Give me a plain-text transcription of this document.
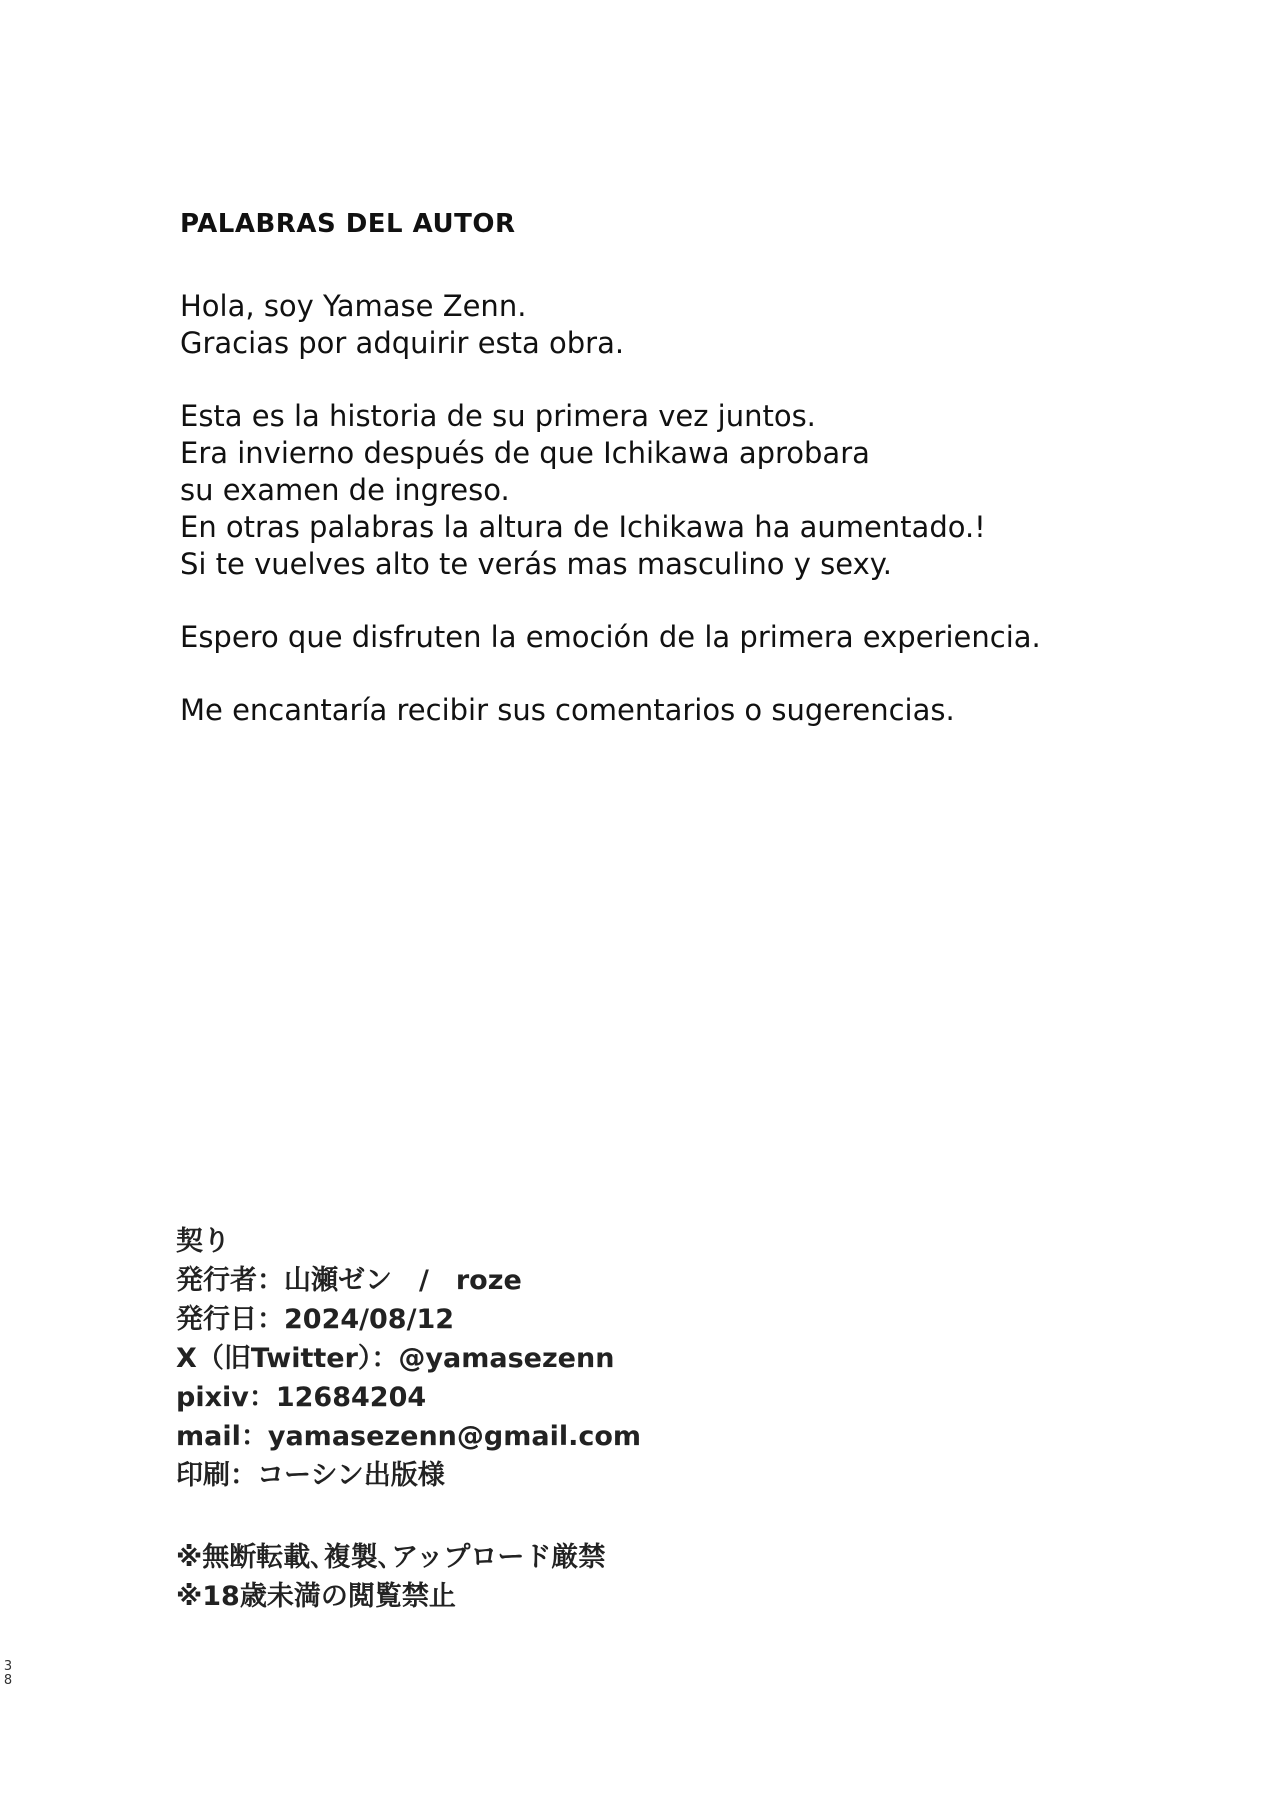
PALABRAS DEL AUTOR
Hola, soy Yamase Zenn.
Gracias por adquirir esta obra.
Esta es la historia de su primera vez juntos.
Era invierno después de que Ichikawa aprobara
su examen de ingreso.
En otras palabras la altura de Ichikawa ha aumentado.!
Si te vuelves alto te verás mas masculino y sexy.
Espero que disfruten la emoción de la primera experiencia.
Me encantaría recibir sus comentarios o sugerencias.
契り
発行者：山瀬ゼン　/　roze
発行日：2024/08/12
X（旧Twitter）：@yamasezenn
pixiv：12684204
mail：yamasezenn@gmail.com
印刷：コーシン出版様
※無断転載､複製､アップロード厳禁
※18歳未満の閲覧禁止
38
